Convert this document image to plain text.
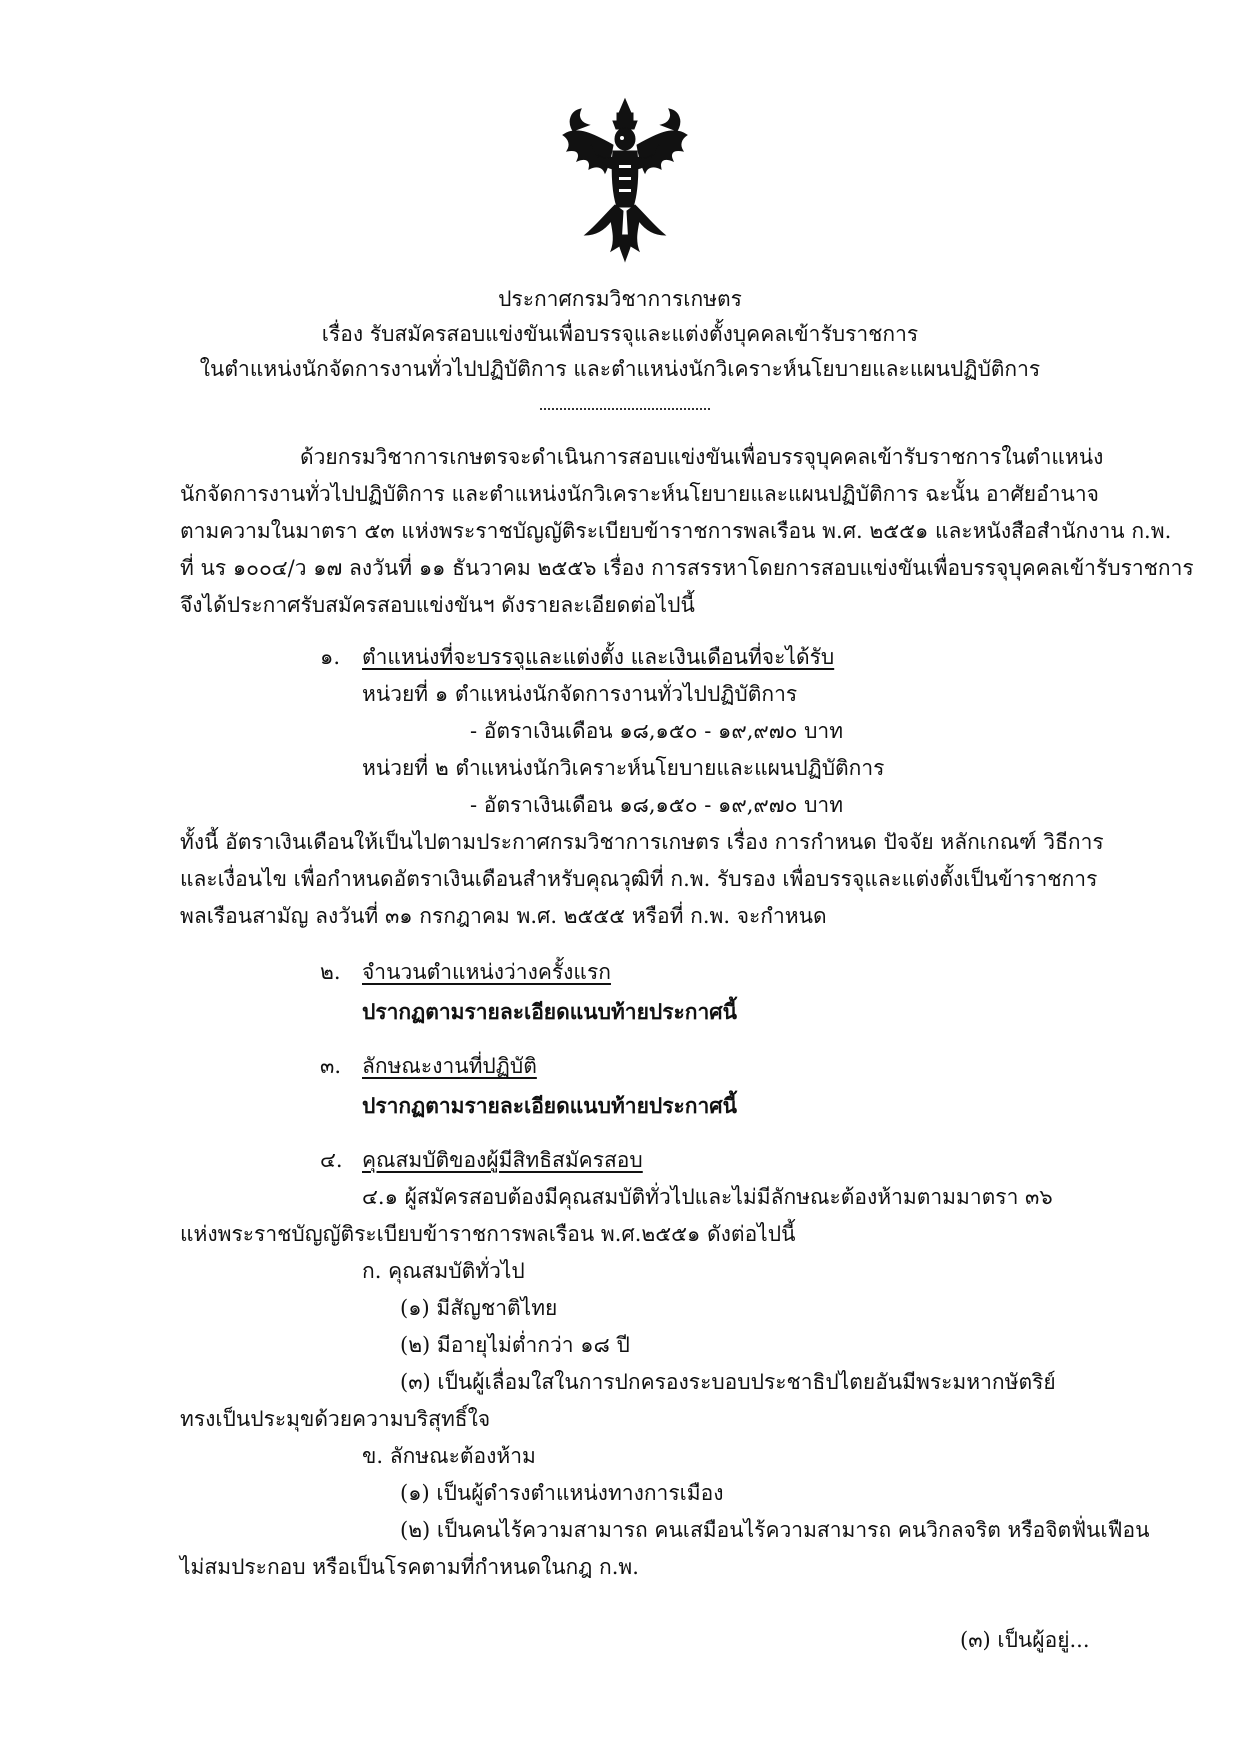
ประกาศกรมวิชาการเกษตร
เรื่อง รับสมัครสอบแข่งขันเพื่อบรรจุและแต่งตั้งบุคคลเข้ารับราชการ
ในตำแหน่งนักจัดการงานทั่วไปปฏิบัติการ และตำแหน่งนักวิเคราะห์นโยบายและแผนปฏิบัติการ
ด้วยกรมวิชาการเกษตรจะดำเนินการสอบแข่งขันเพื่อบรรจุบุคคลเข้ารับราชการในตำแหน่ง
นักจัดการงานทั่วไปปฏิบัติการ และตำแหน่งนักวิเคราะห์นโยบายและแผนปฏิบัติการ ฉะนั้น อาศัยอำนาจ
ตามความในมาตรา ๕๓ แห่งพระราชบัญญัติระเบียบข้าราชการพลเรือน พ.ศ. ๒๕๕๑ และหนังสือสำนักงาน ก.พ.
ที่ นร ๑๐๐๔/ว ๑๗ ลงวันที่ ๑๑ ธันวาคม ๒๕๕๖ เรื่อง การสรรหาโดยการสอบแข่งขันเพื่อบรรจุบุคคลเข้ารับราชการ
จึงได้ประกาศรับสมัครสอบแข่งขันฯ ดังรายละเอียดต่อไปนี้
๑. ตำแหน่งที่จะบรรจุและแต่งตั้ง และเงินเดือนที่จะได้รับ
หน่วยที่ ๑ ตำแหน่งนักจัดการงานทั่วไปปฏิบัติการ
- อัตราเงินเดือน ๑๘,๑๕๐ - ๑๙,๙๗๐ บาท
หน่วยที่ ๒ ตำแหน่งนักวิเคราะห์นโยบายและแผนปฏิบัติการ
- อัตราเงินเดือน ๑๘,๑๕๐ - ๑๙,๙๗๐ บาท
ทั้งนี้ อัตราเงินเดือนให้เป็นไปตามประกาศกรมวิชาการเกษตร เรื่อง การกำหนด ปัจจัย หลักเกณฑ์ วิธีการ
และเงื่อนไข เพื่อกำหนดอัตราเงินเดือนสำหรับคุณวุฒิที่ ก.พ. รับรอง เพื่อบรรจุและแต่งตั้งเป็นข้าราชการ
พลเรือนสามัญ ลงวันที่ ๓๑ กรกฎาคม พ.ศ. ๒๕๕๕ หรือที่ ก.พ. จะกำหนด
๒. จำนวนตำแหน่งว่างครั้งแรก
ปรากฏตามรายละเอียดแนบท้ายประกาศนี้
๓. ลักษณะงานที่ปฏิบัติ
ปรากฏตามรายละเอียดแนบท้ายประกาศนี้
๔. คุณสมบัติของผู้มีสิทธิสมัครสอบ
๔.๑ ผู้สมัครสอบต้องมีคุณสมบัติทั่วไปและไม่มีลักษณะต้องห้ามตามมาตรา ๓๖
แห่งพระราชบัญญัติระเบียบข้าราชการพลเรือน พ.ศ.๒๕๕๑ ดังต่อไปนี้
ก. คุณสมบัติทั่วไป
(๑) มีสัญชาติไทย
(๒) มีอายุไม่ต่ำกว่า ๑๘ ปี
(๓) เป็นผู้เลื่อมใสในการปกครองระบอบประชาธิปไตยอันมีพระมหากษัตริย์
ทรงเป็นประมุขด้วยความบริสุทธิ์ใจ
ข. ลักษณะต้องห้าม
(๑) เป็นผู้ดำรงตำแหน่งทางการเมือง
(๒) เป็นคนไร้ความสามารถ คนเสมือนไร้ความสามารถ คนวิกลจริต หรือจิตฟั่นเฟือน
ไม่สมประกอบ หรือเป็นโรคตามที่กำหนดในกฎ ก.พ.
(๓) เป็นผู้อยู่...
